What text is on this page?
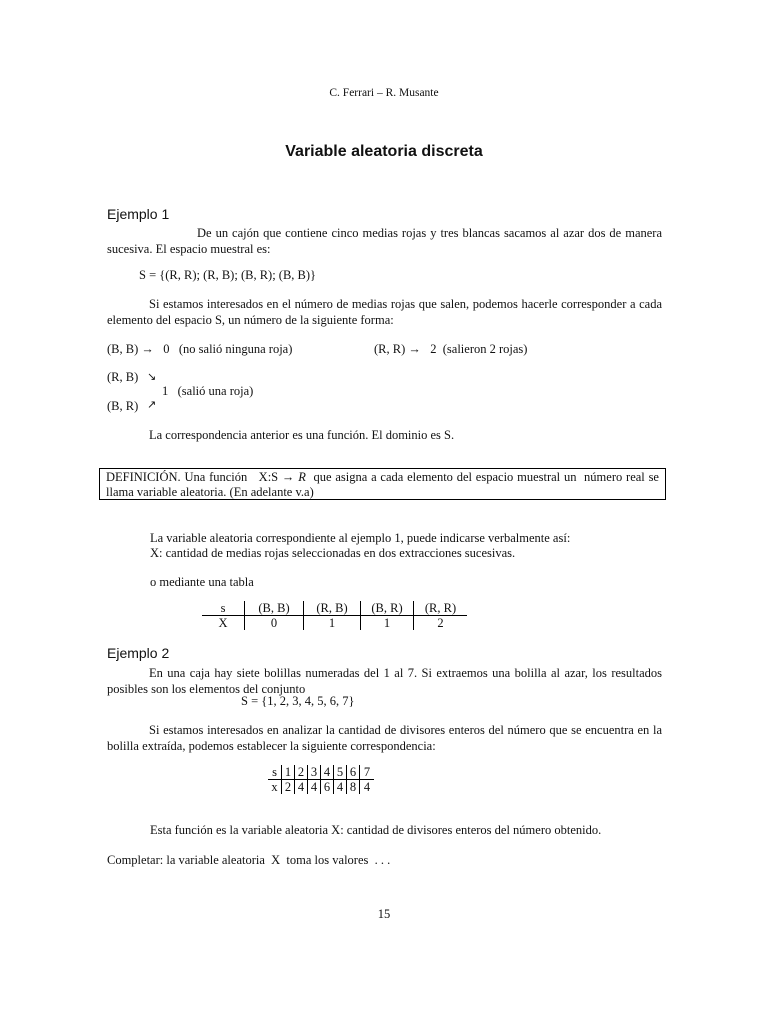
C. Ferrari – R. Musante
Variable aleatoria discreta
Ejemplo 1
De un cajón que contiene cinco medias rojas y tres blancas sacamos al azar dos de manera sucesiva. El espacio muestral es:
S = {(R, R); (R, B); (B, R); (B, B)}
Si estamos interesados en el número de medias rojas que salen, podemos hacerle corresponder a cada elemento del espacio S, un número de la siguiente forma:
(B, B) →   0   (no salió ninguna roja)	(R, R) →   2  (salieron 2 rojas)
(R, B) ↘
1   (salió una roja)
(B, R) ↗
La correspondencia anterior es una función. El dominio es S.
DEFINICIÓN. Una función   X:S → R  que asigna a cada elemento del espacio muestral un  número real se  llama variable aleatoria. (En adelante v.a)
La variable aleatoria correspondiente al ejemplo 1, puede indicarse verbalmente así:
X: cantidad de medias rojas seleccionadas en dos extracciones sucesivas.
o mediante una tabla
s	(B, B)	(R, B)	(B, R)	(R, R)
X	0	1	1	2
Ejemplo 2
En una caja hay siete bolillas numeradas del 1 al 7. Si extraemos una bolilla al azar, los resultados posibles son los elementos del conjunto
S = {1, 2, 3, 4, 5, 6, 7}
Si estamos interesados en analizar la cantidad de divisores enteros del número que se encuentra en la bolilla extraída, podemos establecer la siguiente correspondencia:
s	1	2	3	4	5	6	7
x	2	4	4	6	4	8	4
Esta función es la variable aleatoria X: cantidad de divisores enteros del número obtenido.
Completar: la variable aleatoria  X  toma los valores  . . .
15
